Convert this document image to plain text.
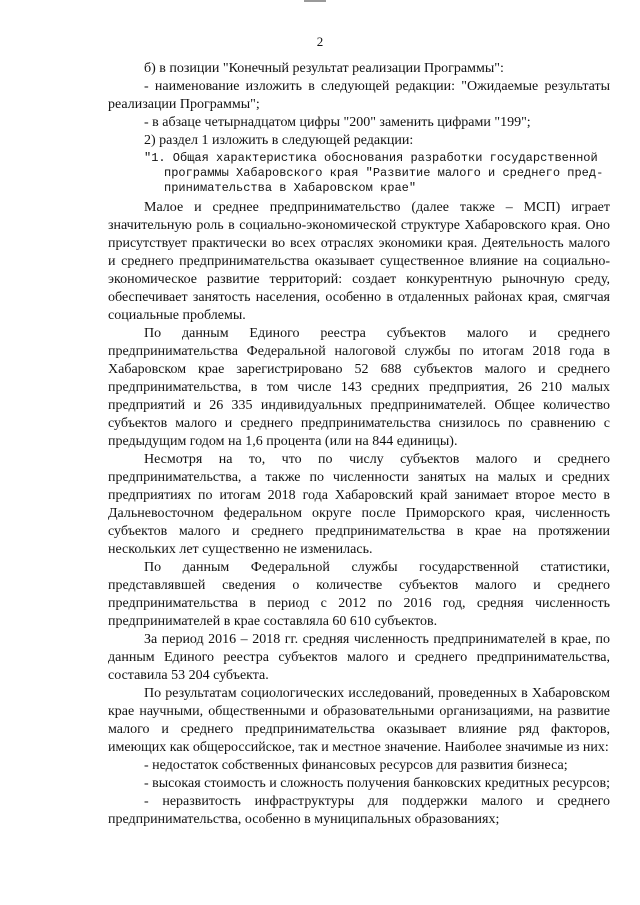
2

б) в позиции "Конечный результат реализации Программы":

- наименование изложить в следующей редакции: "Ожидаемые результаты реализации Программы";

- в абзаце четырнадцатом цифры "200" заменить цифрами "199";

2) раздел 1 изложить в следующей редакции:

"1. Общая характеристика обоснования разработки государственной
программы Хабаровского края "Развитие малого и среднего пред-
принимательства в Хабаровском крае"

Малое и среднее предпринимательство (далее также – МСП) играет значительную роль в социально-экономической структуре Хабаровского края. Оно присутствует практически во всех отраслях экономики края. Деятельность малого и среднего предпринимательства оказывает существенное влияние на социально-экономическое развитие территорий: создает конкурентную рыночную среду, обеспечивает занятость населения, особенно в отдаленных районах края, смягчая социальные проблемы.

По данным Единого реестра субъектов малого и среднего предпринимательства Федеральной налоговой службы по итогам 2018 года в Хабаровском крае зарегистрировано 52 688 субъектов малого и среднего предпринимательства, в том числе 143 средних предприятия, 26 210 малых предприятий и 26 335 индивидуальных предпринимателей. Общее количество субъектов малого и среднего предпринимательства снизилось по сравнению с предыдущим годом на 1,6 процента (или на 844 единицы).

Несмотря на то, что по числу субъектов малого и среднего предпринимательства, а также по численности занятых на малых и средних предприятиях по итогам 2018 года Хабаровский край занимает второе место в Дальневосточном федеральном округе после Приморского края, численность субъектов малого и среднего предпринимательства в крае на протяжении нескольких лет существенно не изменилась.

По данным Федеральной службы государственной статистики, представлявшей сведения о количестве субъектов малого и среднего предпринимательства в период с 2012 по 2016 год, средняя численность предпринимателей в крае составляла 60 610 субъектов.

За период 2016 – 2018 гг. средняя численность предпринимателей в крае, по данным Единого реестра субъектов малого и среднего предпринимательства, составила 53 204 субъекта.

По результатам социологических исследований, проведенных в Хабаровском крае научными, общественными и образовательными организациями, на развитие малого и среднего предпринимательства оказывает влияние ряд факторов, имеющих как общероссийское, так и местное значение. Наиболее значимые из них:

- недостаток собственных финансовых ресурсов для развития бизнеса;

- высокая стоимость и сложность получения банковских кредитных ресурсов;

- неразвитость инфраструктуры для поддержки малого и среднего предпринимательства, особенно в муниципальных образованиях;
